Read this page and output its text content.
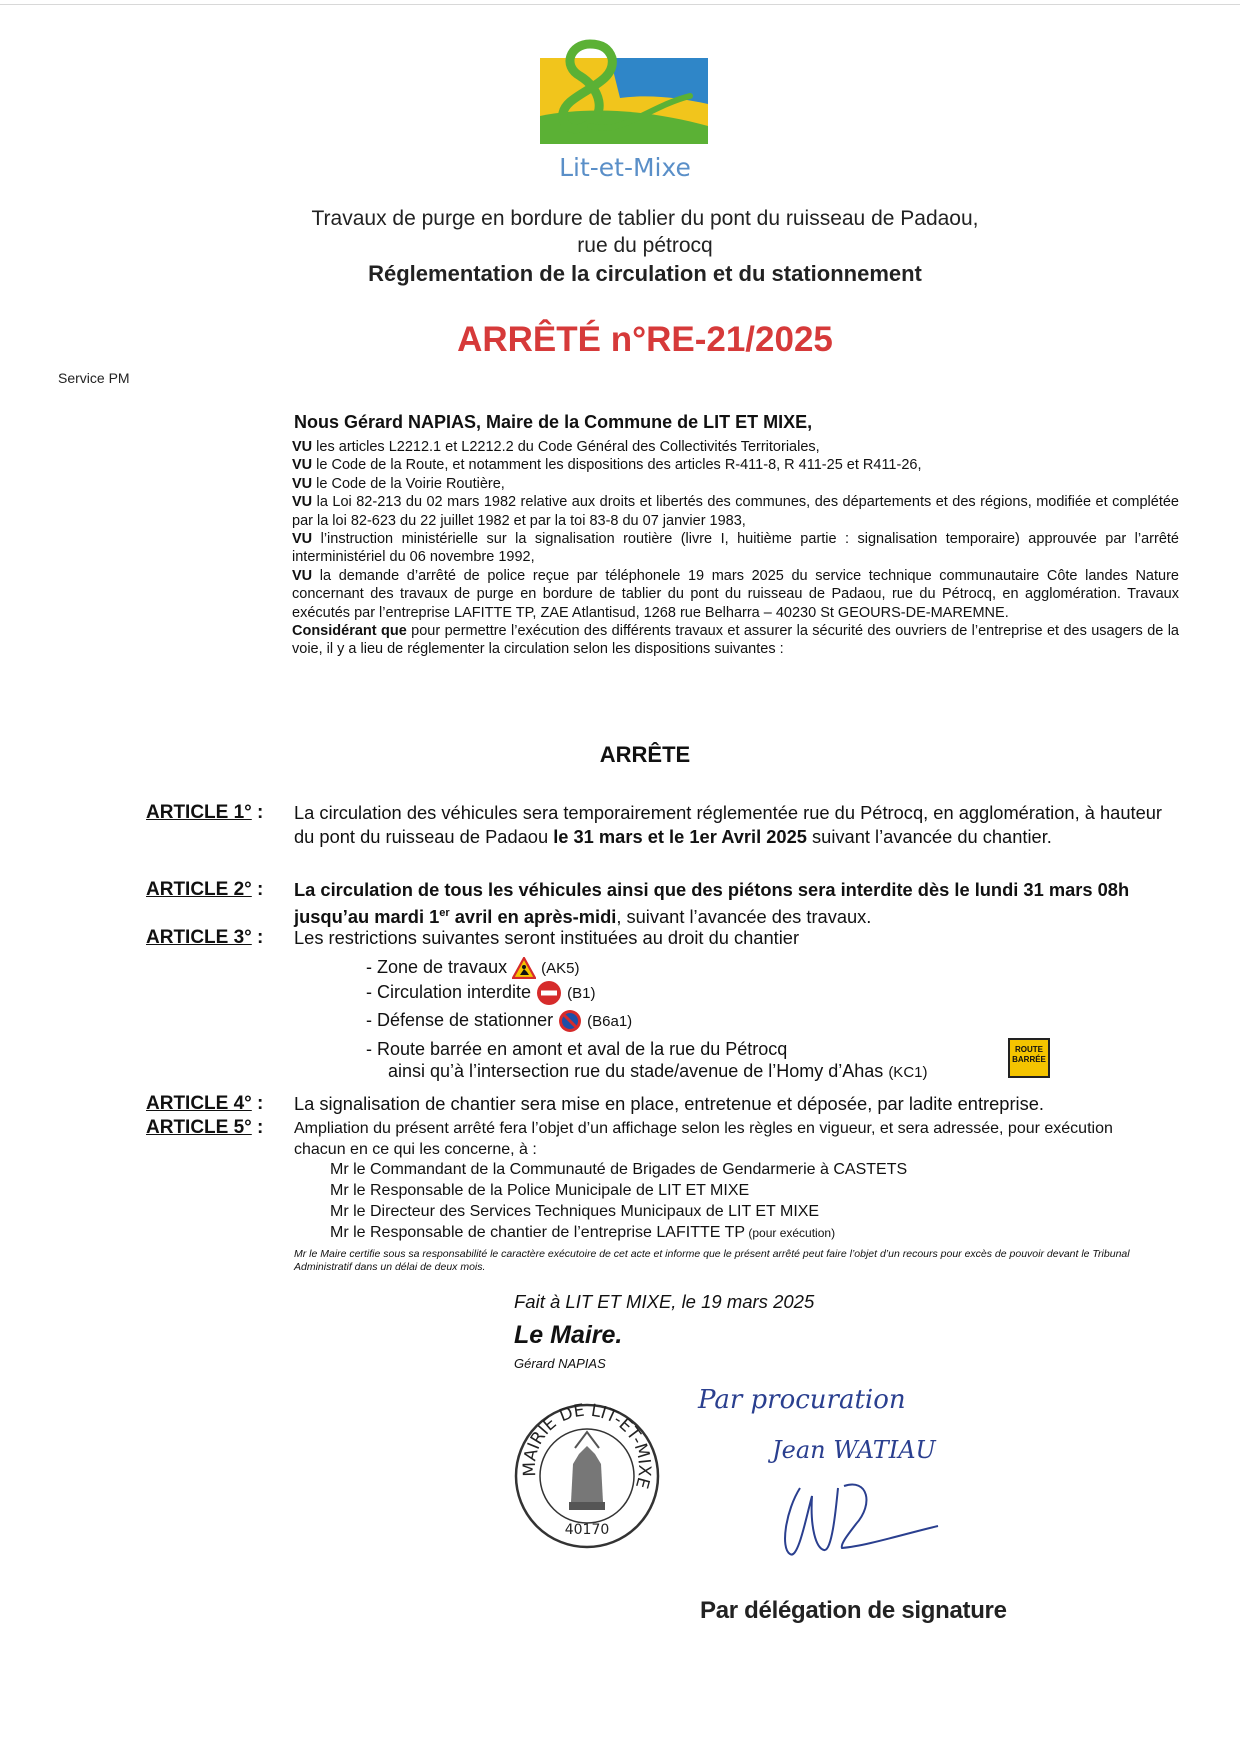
Lit-et-Mixe
Travaux de purge en bordure de tablier du pont du ruisseau de Padaou,
rue du pétrocq
Réglementation de la circulation et du stationnement
ARRÊTÉ n°RE-21/2025
Service PM
Nous Gérard NAPIAS, Maire de la Commune de LIT ET MIXE,

VU les articles L2212.1 et L2212.2 du Code Général des Collectivités Territoriales,

VU le Code de la Route, et notamment les dispositions des articles R-411-8, R 411-25 et R411-26,

VU le Code de la Voirie Routière,

VU la Loi 82-213 du 02 mars 1982 relative aux droits et libertés des communes, des départements et des régions, modifiée et complétée par la loi 82-623 du 22 juillet 1982 et par la toi 83-8 du 07 janvier 1983,

VU l’instruction ministérielle sur la signalisation routière (livre I, huitième partie : signalisation temporaire) approuvée par l’arrêté interministériel du 06 novembre 1992,

VU la demande d’arrêté de police reçue par téléphonele 19 mars 2025 du service technique communautaire Côte landes Nature concernant des travaux de purge en bordure de tablier du pont du ruisseau de Padaou, rue du Pétrocq, en agglomération. Travaux exécutés par l’entreprise LAFITTE TP, ZAE Atlantisud, 1268 rue Belharra – 40230 St GEOURS-DE-MAREMNE.

Considérant que pour permettre l’exécution des différents travaux et assurer la sécurité des ouvriers de l’entreprise et des usagers de la voie, il y a lieu de réglementer la circulation selon les dispositions suivantes :

ARRÊTE
ARTICLE 1° : La circulation des véhicules sera temporairement réglementée rue du Pétrocq, en agglomération, à hauteur du pont du ruisseau de Padaou le 31 mars et le 1er Avril 2025 suivant l’avancée du chantier.
ARTICLE 2° : La circulation de tous les véhicules ainsi que des piétons sera interdite dès le lundi 31 mars 08h jusqu’au mardi 1er avril en après-midi, suivant l’avancée des travaux.
ARTICLE 3° : Les restrictions suivantes seront instituées au droit du chantier
- Zone de travaux (AK5)
- Circulation interdite (B1)
- Défense de stationner (B6a1)
- Route barrée en amont et aval de la rue du Pétrocq
ainsi qu’à l’intersection rue du stade/avenue de l’Homy d’Ahas (KC1)
ROUTE
BARRÉE
ARTICLE 4° : La signalisation de chantier sera mise en place, entretenue et déposée, par ladite entreprise.
ARTICLE 5° : Ampliation du présent arrêté fera l’objet d’un affichage selon les règles en vigueur, et sera adressée, pour exécution chacun en ce qui les concerne, à :
Mr le Commandant de la Communauté de Brigades de Gendarmerie à CASTETS
Mr le Responsable de la Police Municipale de LIT ET MIXE
Mr le Directeur des Services Techniques Municipaux de LIT ET MIXE
Mr le Responsable de chantier de l’entreprise LAFITTE TP (pour exécution)
Mr le Maire certifie sous sa responsabilité le caractère exécutoire de cet acte et informe que le présent arrêté peut faire l’objet d’un recours pour excès de pouvoir devant le Tribunal Administratif dans un délai de deux mois.
Fait à LIT ET MIXE, le 19 mars 2025
Le Maire.
Gérard NAPIAS
MAIRIE DE LIT-ET-MIXE
40170
Par procuration
Jean WATIAU
Par délégation de signature
